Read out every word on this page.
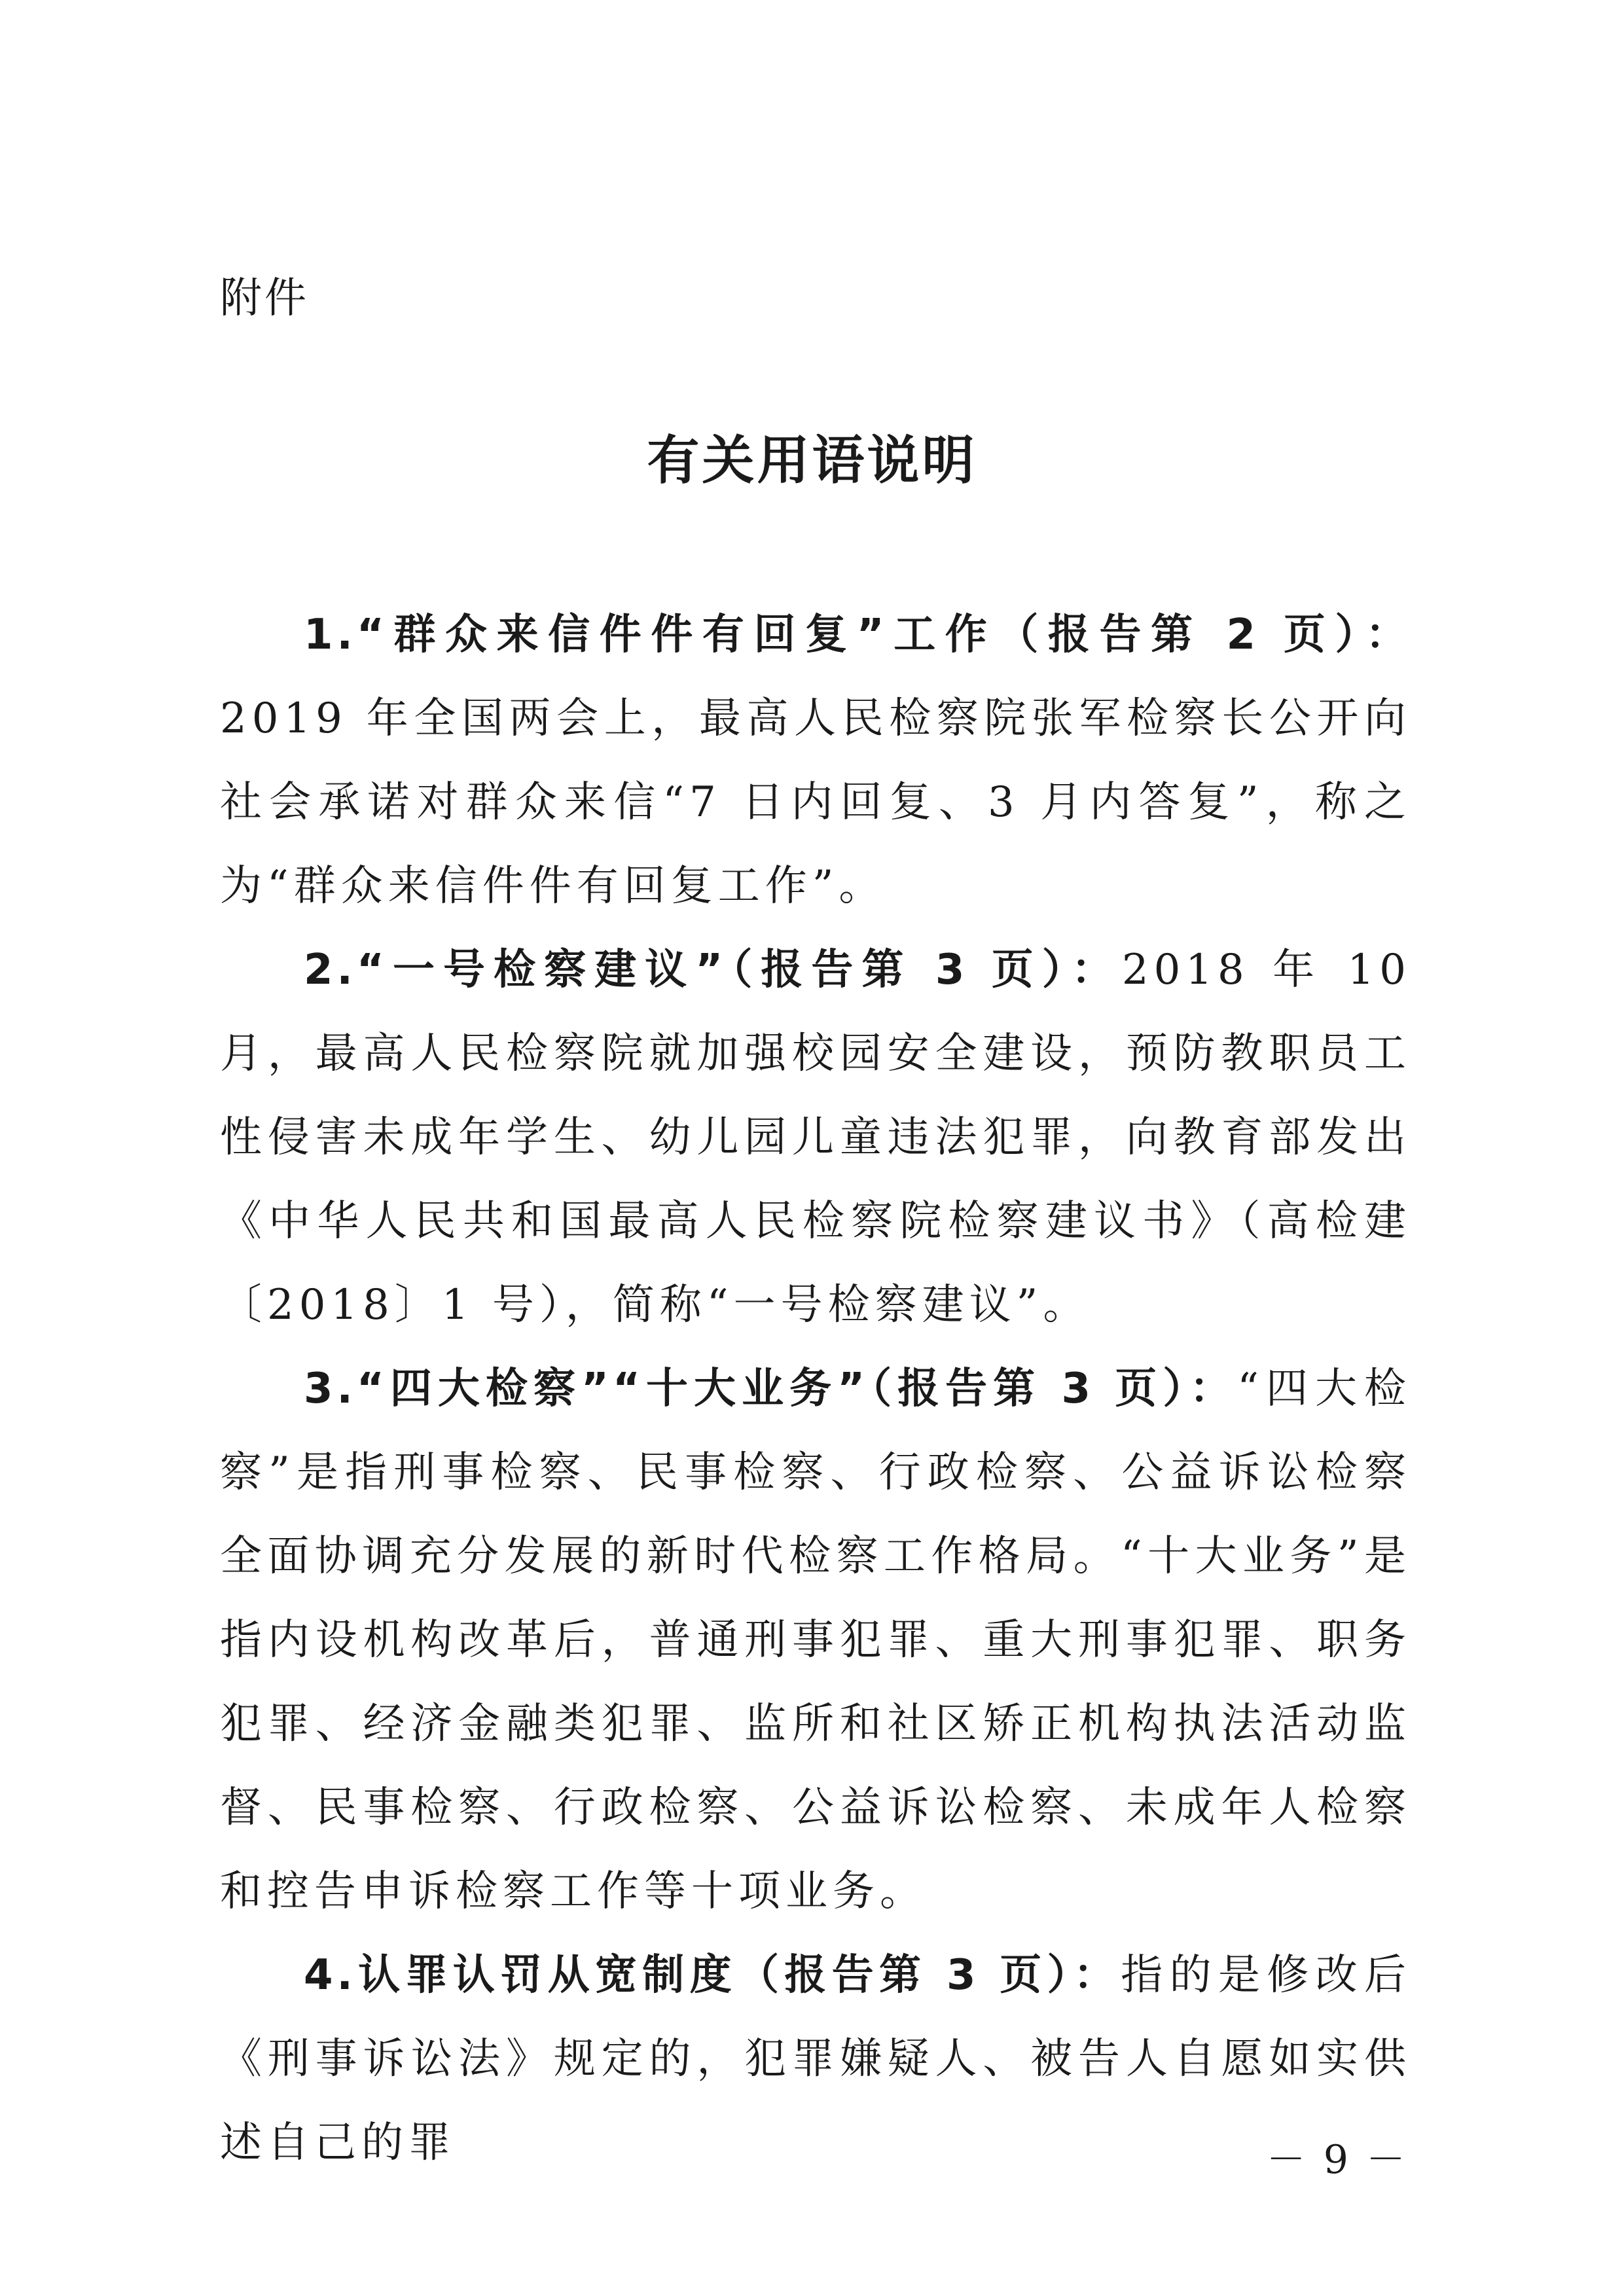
附件
有关用语说明

1.“群众来信件件有回复”工作（报告第 2 页）：2019 年全国两会上，最高人民检察院张军检察长公开向社会承诺对群众来信“7 日内回复、3 月内答复”，称之为“群众来信件件有回复工作”。

2.“一号检察建议”（报告第 3 页）：2018 年 10 月，最高人民检察院就加强校园安全建设，预防教职员工性侵害未成年学生、幼儿园儿童违法犯罪，向教育部发出《中华人民共和国最高人民检察院检察建议书》（高检建〔2018〕1 号），简称“一号检察建议”。

3.“四大检察”“十大业务”（报告第 3 页）：“四大检察”是指刑事检察、民事检察、行政检察、公益诉讼检察全面协调充分发展的新时代检察工作格局。“十大业务”是指内设机构改革后，普通刑事犯罪、重大刑事犯罪、职务犯罪、经济金融类犯罪、监所和社区矫正机构执法活动监督、民事检察、行政检察、公益诉讼检察、未成年人检察和控告申诉检察工作等十项业务。

4.认罪认罚从宽制度（报告第 3 页）：指的是修改后《刑事诉讼法》规定的，犯罪嫌疑人、被告人自愿如实供述自己的罪	－ 9 －
